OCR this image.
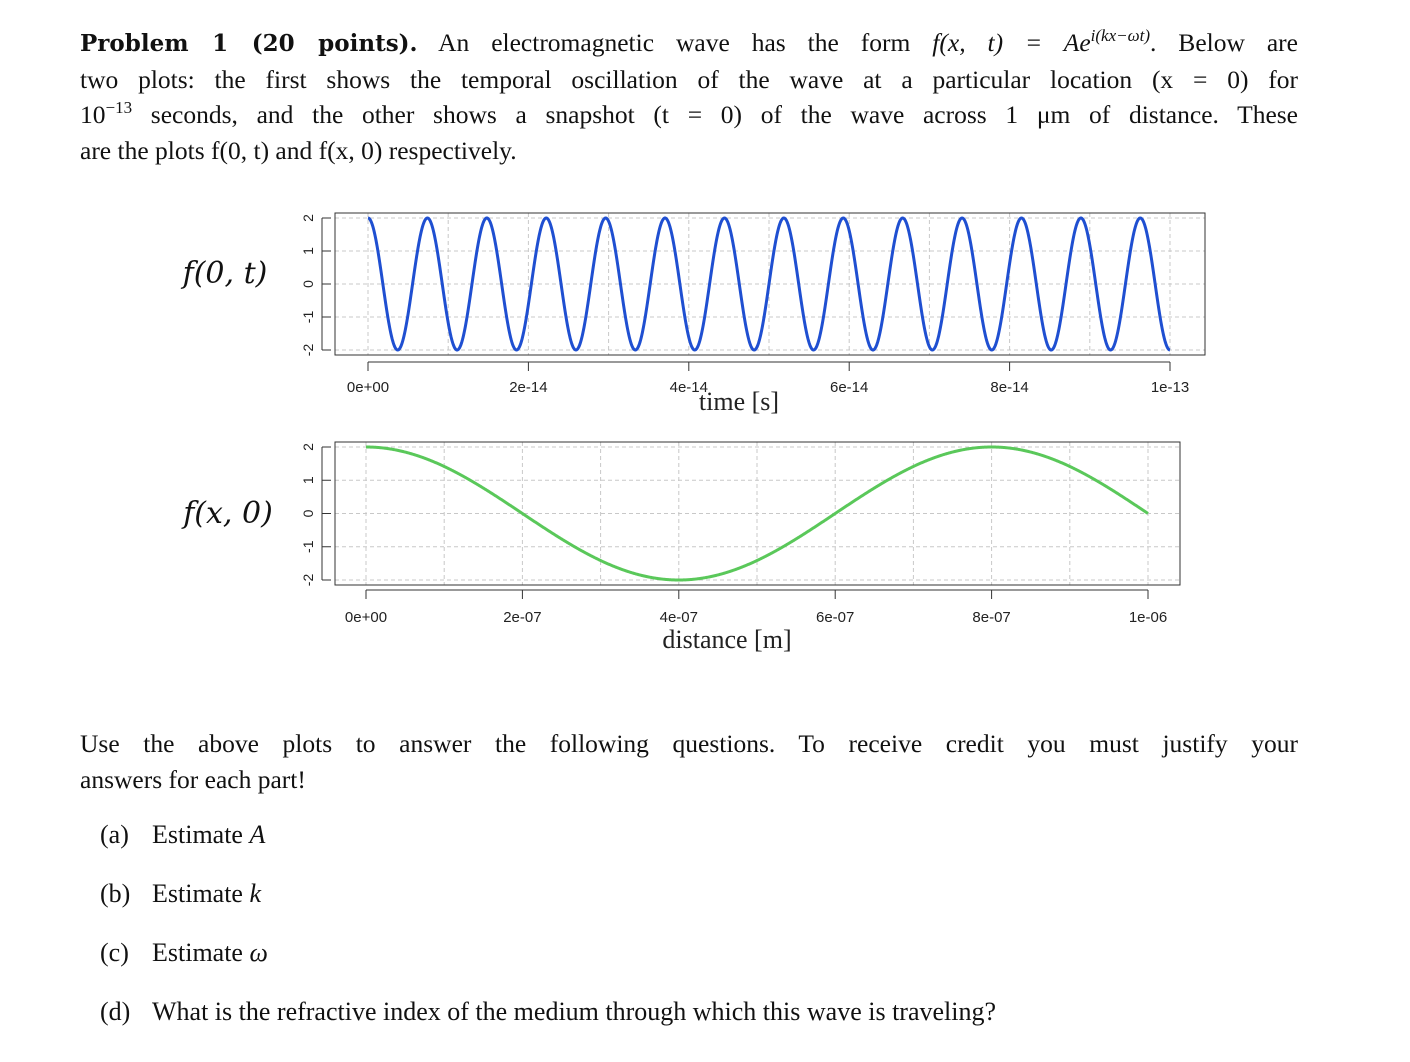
Problem 1 (20 points). An electromagnetic wave has the form f(x, $t) = Ae^{i(kx-\omega t)}$. Below are
two plots: the first shows the temporal oscillation of the wave at a particular location (x = 0) for
$10^{-13}$ seconds, and the other shows a snapshot (t = 0) of the wave across 1 μm of distance. These
are the plots f(0, t) and f(x, 0) respectively.
-2
-1
0
1
2
0e+00	2e-14	4e-14	6e-14	8e-14	1e-13
time [s]
f(0, t)
-2
-1
0
1
2
0e+00	2e-07	4e-07	6e-07	8e-07	1e-06
distance [m]
f(x, 0)
Use the above plots to answer the following questions. To receive credit you must justify your
answers for each part!
(a) Estimate A
(b) Estimate k
(c) Estimate ω
(d) What is the refractive index of the medium through which this wave is traveling?
